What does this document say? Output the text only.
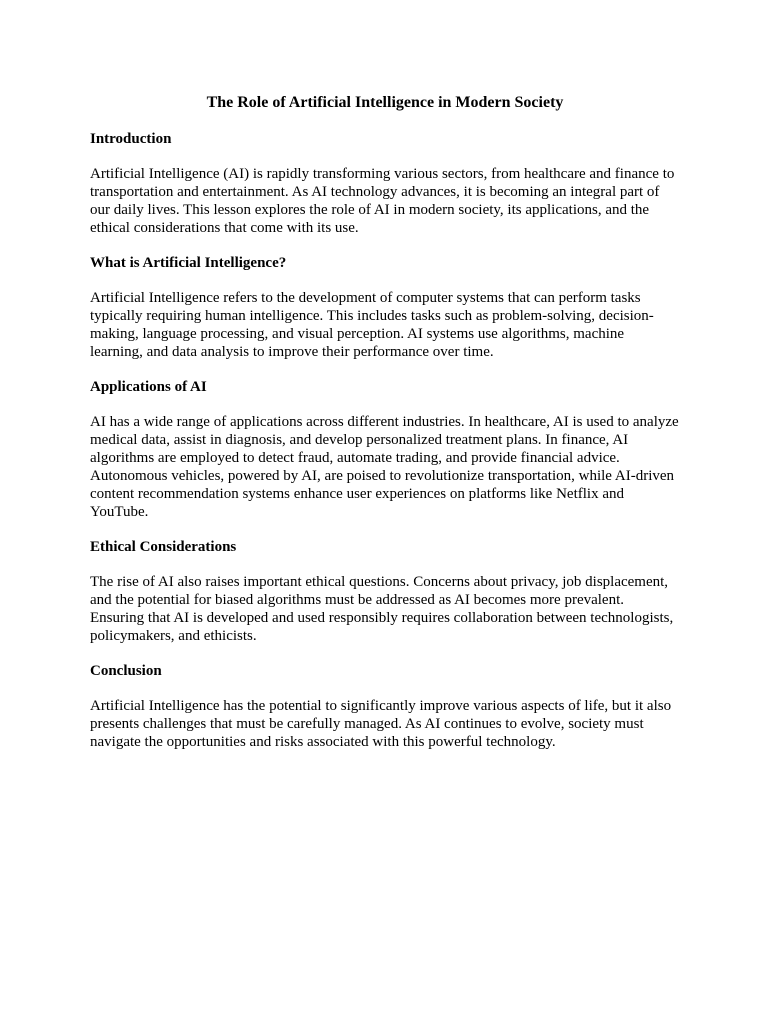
The Role of Artificial Intelligence in Modern Society
Introduction
Artificial Intelligence (AI) is rapidly transforming various sectors, from healthcare and finance to transportation and entertainment. As AI technology advances, it is becoming an integral part of our daily lives. This lesson explores the role of AI in modern society, its applications, and the ethical considerations that come with its use.
What is Artificial Intelligence?
Artificial Intelligence refers to the development of computer systems that can perform tasks typically requiring human intelligence. This includes tasks such as problem-solving, decision-making, language processing, and visual perception. AI systems use algorithms, machine learning, and data analysis to improve their performance over time.
Applications of AI
AI has a wide range of applications across different industries. In healthcare, AI is used to analyze medical data, assist in diagnosis, and develop personalized treatment plans. In finance, AI algorithms are employed to detect fraud, automate trading, and provide financial advice. Autonomous vehicles, powered by AI, are poised to revolutionize transportation, while AI-driven content recommendation systems enhance user experiences on platforms like Netflix and YouTube.
Ethical Considerations
The rise of AI also raises important ethical questions. Concerns about privacy, job displacement, and the potential for biased algorithms must be addressed as AI becomes more prevalent. Ensuring that AI is developed and used responsibly requires collaboration between technologists, policymakers, and ethicists.
Conclusion
Artificial Intelligence has the potential to significantly improve various aspects of life, but it also presents challenges that must be carefully managed. As AI continues to evolve, society must navigate the opportunities and risks associated with this powerful technology.
